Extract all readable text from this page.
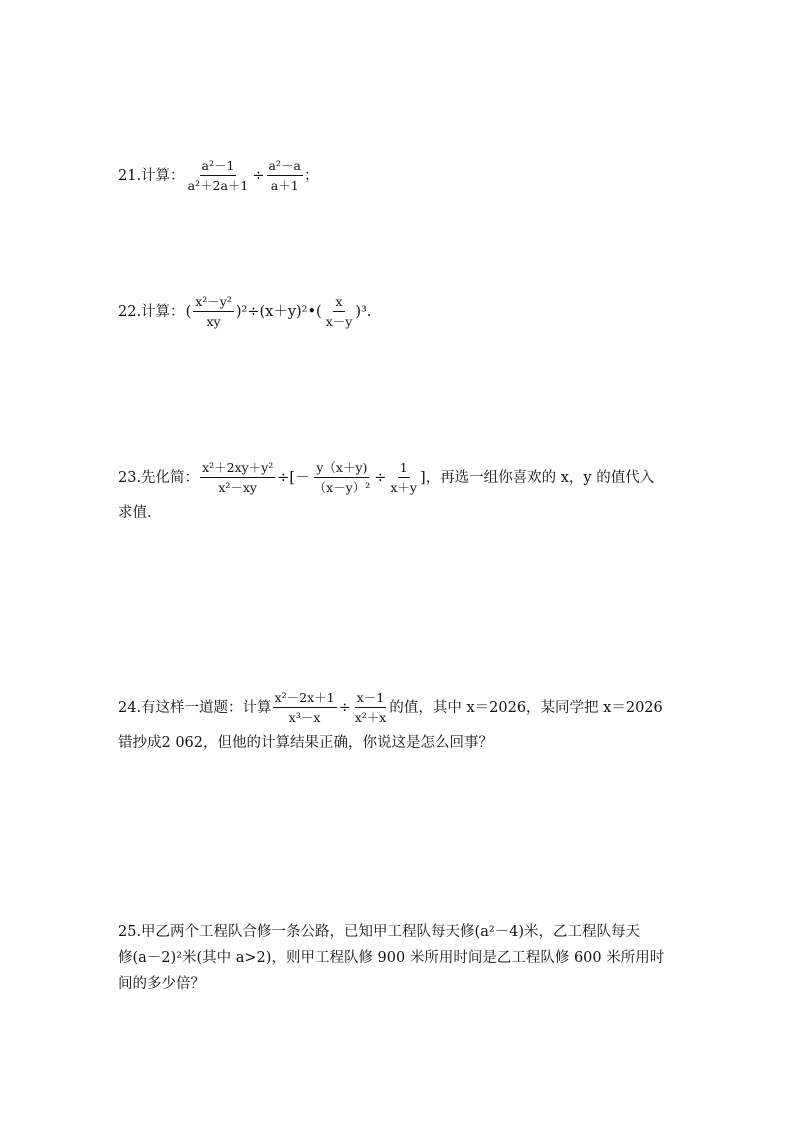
21.计算： $\frac{\text{a²－1}}{\text{a²＋2a＋1}} \div \frac{\text{a²－a}}{a+1}$ ；
22.计算： ( $\frac{\text{x²－y²}}{xy}$ )²÷(x＋y)²•( $\frac{x}{x-y} )^3$.
23.先化简： $\frac{\text{x²＋2xy＋y²}}{\text{x²－xy}}$ ÷[－ $\frac{y(x+y)}{\text{（x－y）²}} \div \frac{1}{x+y}$ ]，再选一组你喜欢的 x，y 的值代入
求值.
24.有这样一道题：计算 $\frac{\text{x²－2x＋1}}{\text{x³－x}} \div \frac{x-1}{\text{x²＋x}}$ 的值，其中 x＝2026，某同学把 x＝2026
错抄成2 062，但他的计算结果正确，你说这是怎么回事？
25.甲乙两个工程队合修一条公路，已知甲工程队每天修(a²－4)米，乙工程队每天
修(a－2)²米(其中 a>2)，则甲工程队修 900 米所用时间是乙工程队修 600 米所用时
间的多少倍？
